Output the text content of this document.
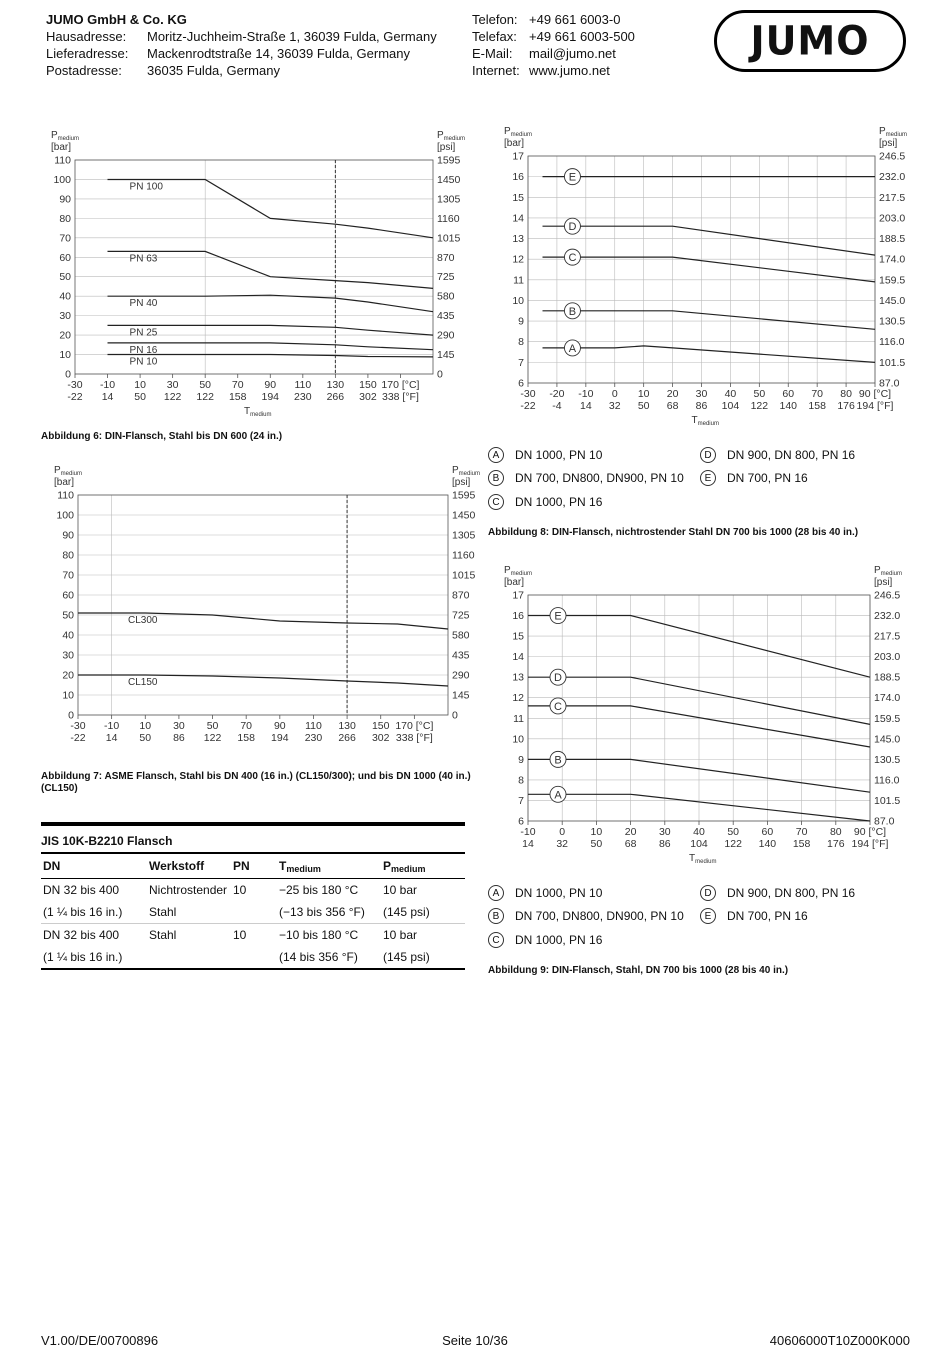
JUMO GmbH & Co. KG
Hausadresse: Moritz-Juchheim-Straße 1, 36039 Fulda, Germany
Lieferadresse: Mackenrodtstraße 14, 36039 Fulda, Germany
Postadresse: 36035 Fulda, Germany
Telefon: +49 661 6003-0
Telefax: +49 661 6003-500
E-Mail: mail@jumo.net
Internet: www.jumo.net
JUMO
0	0
10	145
20	290
30	435
40	580
50	725
60	870
70	1015
80	1160
90	1305
100	1450
110	1595
-30
-22
-10
14
10
50
30
122
50
122
70
158
90
194
110
230
130
266
150
302
170 [°C]
338 [°F]
$P_{medium}$
[bar]
$P_{medium}$
[psi]
$T_{medium}$
PN 100
PN 63
PN 40
PN 25
PN 16
PN 10
Abbildung 6: DIN-Flansch, Stahl bis DN 600 (24 in.)
0	0
10	145
20	290
30	435
40	580
50	725
60	870
70	1015
80	1160
90	1305
100	1450
110	1595
-30
-22
-10
14
10
50
30
86
50
122
70
158
90
194
110
230
130
266
150
302
170 [°C]
338 [°F]
$P_{medium}$
[bar]
$P_{medium}$
[psi]
CL300
CL150
Abbildung 7: ASME Flansch, Stahl bis DN 400 (16 in.) (CL150/300); und bis DN 1000 (40 in.) (CL150)
6	87.0
7	101.5
8	116.0
9	130.5
10	145.0
11	159.5
12	174.0
13	188.5
14	203.0
15	217.5
16	232.0
17	246.5
-30
-22
-20
-4
-10
14
0
32
10
50
20
68
30
86
40
104
50
122
60
140
70
158
80
176
90 [°C]
194 [°F]
$P_{medium}$
[bar]
$P_{medium}$
[psi]
$T_{medium}$
E
D
C
B
A
A	DN 1000, PN 10
B	DN 700, DN800, DN900, PN 10
C	DN 1000, PN 16
D	DN 900, DN 800, PN 16
E	DN 700, PN 16
Abbildung 8: DIN-Flansch, nichtrostender Stahl DN 700 bis 1000 (28 bis 40 in.)
6	87.0
7	101.5
8	116.0
9	130.5
10	145.0
11	159.5
12	174.0
13	188.5
14	203.0
15	217.5
16	232.0
17	246.5
-10
14
0
32
10
50
20
68
30
86
40
104
50
122
60
140
70
158
80
176
90 [°C]
194 [°F]
$P_{medium}$
[bar]
$P_{medium}$
[psi]
$T_{medium}$
E
D
C
B
A
A	DN 1000, PN 10
B	DN 700, DN800, DN900, PN 10
C	DN 1000, PN 16
D	DN 900, DN 800, PN 16
E	DN 700, PN 16
Abbildung 9: DIN-Flansch, Stahl, DN 700 bis 1000 (28 bis 40 in.)
JIS 10K-B2210 Flansch
DN	Werkstoff	PN	$T_{medium}$	$P_{medium}$
DN 32 bis 400	Nichtrostender	10	−25 bis 180 °C	10 bar
(1 ¼ bis 16 in.)	Stahl		(−13 bis 356 °F)	(145 psi)
DN 32 bis 400	Stahl	10	−10 bis 180 °C	10 bar
(1 ¼ bis 16 in.)			(14 bis 356 °F)	(145 psi)
V1.00/DE/00700896	Seite 10/36	40606000T10Z000K000
